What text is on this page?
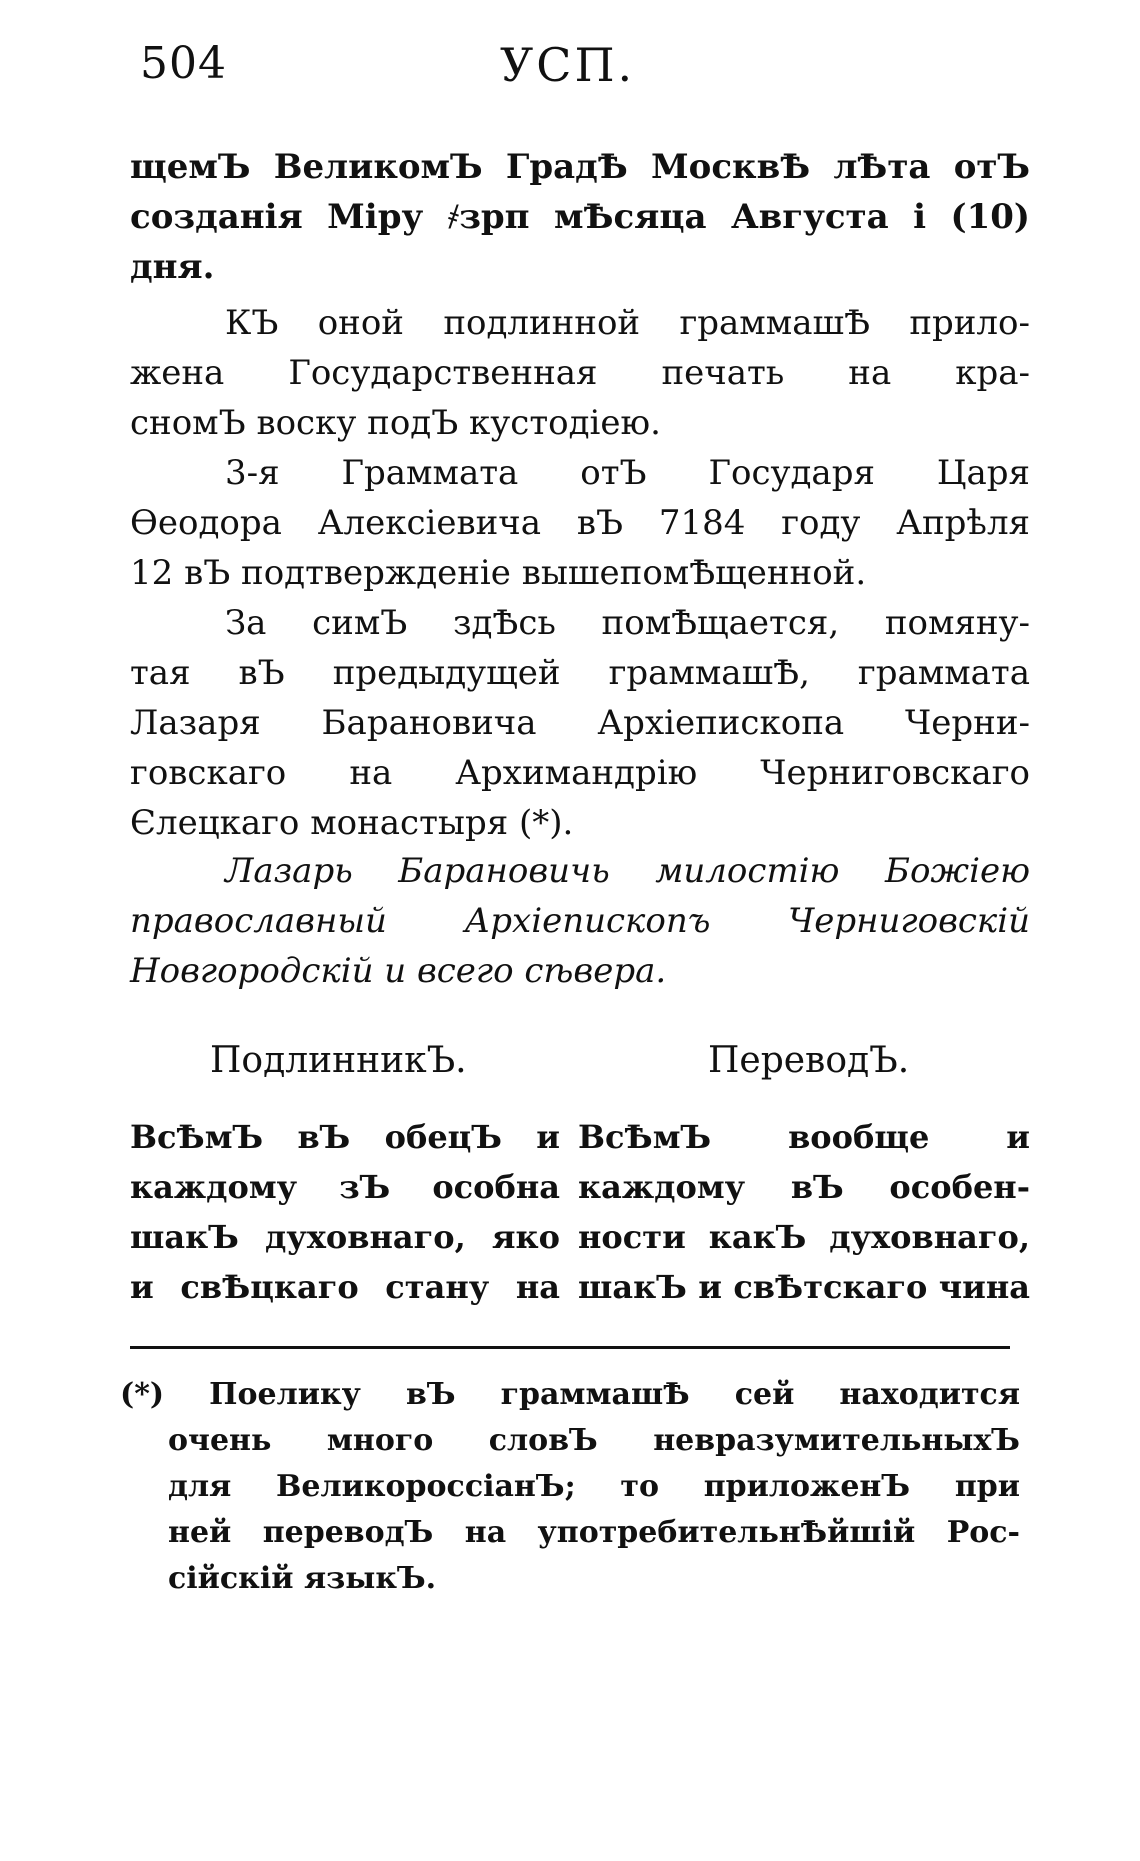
504	УСП.
щемЪ ВеликомЪ ГрадѢ МосквѢ лѢта отЪ
созданія Міру ҂зрп мѢсяца Августа і (10)
дня.
КЪ оной подлинной граммашѢ прило-
жена Государственная печать на кра-
сномЪ воску подЪ кустодіею.
3-я Граммата отЪ Государя Царя
Өеодора Алексіевича вЪ 7184 году Апрѣля
12 вЪ подтвержденіе вышепомѢщенной.
За симЪ здѢсь помѢщается, помяну-
тая вЪ предыдущей граммашѢ, граммата
Лазаря Барановича Архіепископа Черни-
говскаго на Архимандрію Черниговскаго
Єлецкаго монастыря (*).
Лазарь Барановичь милостію Божіею
православный Архіепископъ Черниговскій
Новгородскій и всего сѣвера.
ПодлинникЪ.	ПереводЪ.
ВсѢмЪ вЪ обецЪ и
каждому зЪ особна
шакЪ духовнаго, яко
и свѢцкаго стану на
ВсѢмЪ вообще и
каждому вЪ особен-
ности какЪ духовнаго,
шакЪ и свѢтскаго чина
(*) Поелику вЪ граммашѢ сей находится
очень много словЪ невразумительныхЪ
для ВеликороссіанЪ; то приложенЪ при
ней переводЪ на употребительнѢйшій Рос-
сійскій языкЪ.
